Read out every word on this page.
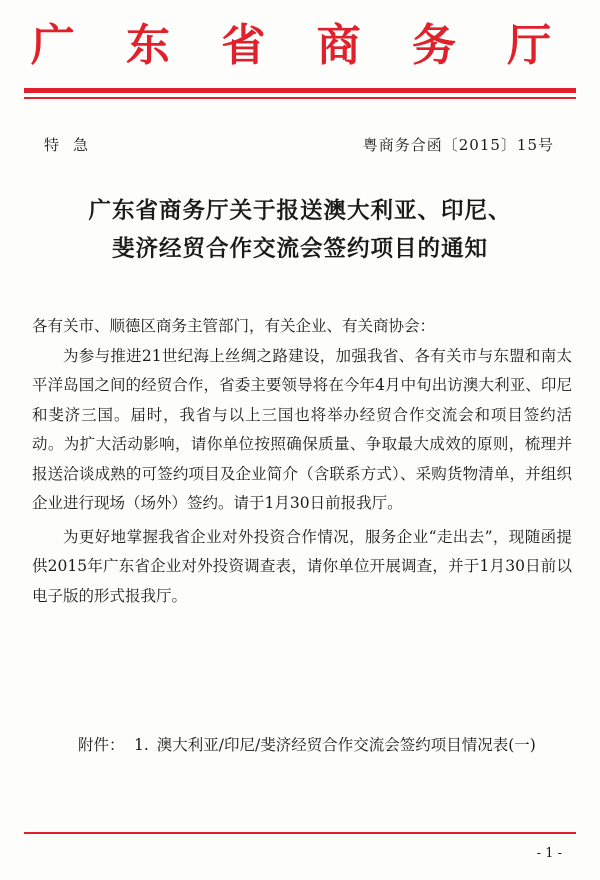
广 东 省 商 务 厅
特急	粤商务合函〔2015〕15号
广东省商务厅关于报送澳大利亚、印尼、
斐济经贸合作交流会签约项目的通知

各有关市、顺德区商务主管部门，有关企业、有关商协会：

为参与推进21世纪海上丝绸之路建设，加强我省、各有关市与东盟和南太平洋岛国之间的经贸合作，省委主要领导将在今年4月中旬出访澳大利亚、印尼和斐济三国。届时，我省与以上三国也将举办经贸合作交流会和项目签约活动。为扩大活动影响，请你单位按照确保质量、争取最大成效的原则，梳理并报送洽谈成熟的可签约项目及企业简介（含联系方式）、采购货物清单，并组织企业进行现场（场外）签约。请于1月30日前报我厅。

为更好地掌握我省企业对外投资合作情况，服务企业“走出去”，现随函提供2015年广东省企业对外投资调查表，请你单位开展调查，并于1月30日前以电子版的形式报我厅。

附件： 1. 澳大利亚/印尼/斐济经贸合作交流会签约项目情况表(一)
- 1 -
